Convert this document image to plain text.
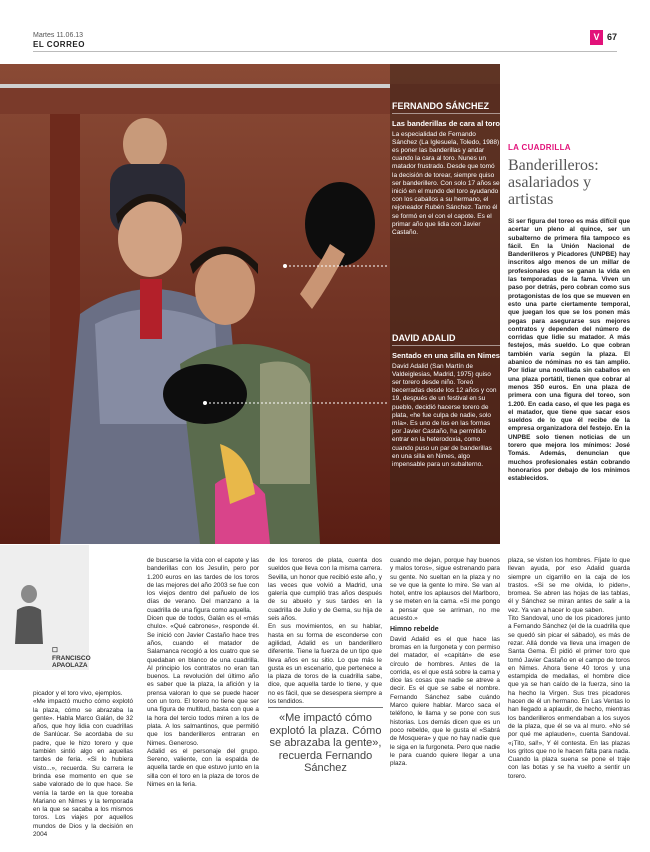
Martes 11.06.13
EL CORREO
V 67
FERNANDO SÁNCHEZ
Las banderillas de cara al toro
La especialidad de Fernando Sánchez (La Iglesuela, Toledo, 1988) es poner las banderillas y andar cuando la cara al toro. Nunes un matador frustrado. Desde que tomó la decisión de torear, siempre quiso ser banderillero. Con solo 17 años se inició en el mundo del toro ayudando con los caballos a su hermano, el rejoneador Rubén Sánchez. Tamo él se formó en el con el capote. Es el primar año que lidia con Javier Castaño.
DAVID ADALID
Sentado en una silla en Nimes
David Adalid (San Martín de Valdeiglesias, Madrid, 1975) quiso ser torero desde niño. Toreó becerradas desde los 12 años y con 19, después de un festival en su pueblo, decidió hacerse torero de plata, «he fue culpa de nadie, solo mía». Es uno de los en las formas por Javier Castaño, ha permitido entrar en la heterodoxia, como cuando puso un par de banderillas en una silla en Nimes, algo impensable para un subalterno.
LA CUADRILLA
Banderilleros: asalariados y artistas
Si ser figura del toreo es más difícil que acertar un pleno al quince, ser un subalterno de primera fila tampoco es fácil. En la Unión Nacional de Banderilleros y Picadores (UNPBE) hay inscritos algo menos de un millar de profesionales que se ganan la vida en las temporadas de la fama. Viven un paso por detrás, pero cobran como sus protagonistas de los que se mueven en esto una parte ciertamente temporal, que juegan los que se los ponen más pegas para asegurarse sus mejores contratos y dependen del número de corridas que lidie su matador. A más festejos, más sueldo. Lo que cobran también varía según la plaza. El abanico de nóminas no es tan amplio. Por lidiar una novillada sin caballos en una plaza portátil, tienen que cobrar al menos 350 euros. En una plaza de primera con una figura del toreo, son 1.200. En cada caso, el que les paga es el matador, que tiene que sacar esos sueldos de lo que él recibe de la empresa organizadora del festejo. En la UNPBE solo tienen noticias de un torero que mejora los mínimos: José Tomás. Además, denuncian que muchos profesionales están cobrando honorarios por debajo de los mínimos establecidos.
☐ FRANCISCO
APAOLAZA

picador y el toro vivo, ejemplos.

«Me impactó mucho cómo explotó la plaza, cómo se abrazaba la gente». Habla Marco Galán, de 32 años, que hoy lidia con cuadrillas de Sanlúcar. Se acordaba de su padre, que le hizo torero y que también sintió algo en aquellas tardes de feria. «Si lo hubiera visto...», recuerda. Su carrera le brinda ese momento en que se sabe valorado de lo que hace. Se venía la tarde en la que toreaba Mariano en Nimes y la temporada en la que se sacaba a los mismos toros. Los viajes por aquellos mundos de Dios y la decisión en 2004

de buscarse la vida con el capote y las banderillas con los Jesulín, pero por 1.200 euros en las tardes de los toros de las mejores del año 2003 se fue con los viejos dentro del pañuelo de los días de verano. Del manzano a la cuadrilla de una figura como aquella.

Dicen que de todos, Galán es el «más chulo». «Qué cabrones», responde él. Se inició con Javier Castaño hace tres años, cuando el matador de Salamanca recogió a los cuatro que se quedaban en blanco de una cuadrilla. Al principio los contratos no eran tan buenos. La revolución del último año es saber que la plaza, la afición y la prensa valoran lo que se puede hacer con un toro. El torero no tiene que ser una figura de multitud, basta con que a la hora del tercio todos miren a los de plata. A los salmantinos, que permitió que los banderilleros entraran en Nimes. Generoso.

Adalid es el personaje del grupo. Sereno, valiente, con la espalda de aquella tarde en que estuvo junto en la silla con el toro en la plaza de toros de Nimes en la feria.

de los toreros de plata, cuenta dos sueldos que lleva con la misma carrera. Sevilla, un honor que recibió este año, y las veces que volvió a Madrid, una galería que cumplió tras años después de su abuelo y sus tardes en la cuadrilla de Julio y de Gema, su hija de seis años.

En sus movimientos, en su hablar, hasta en su forma de esconderse con agilidad, Adalid es un banderillero diferente. Tiene la fuerza de un tipo que lleva años en su sitio. Lo que más le gusta es un escenario, que pertenece a la plaza de toros de la cuadrilla sabe, dice, que aquella tarde lo tiene, y que no es fácil, que se desespera siempre a los tendidos.

«Me impactó cómo explotó la plaza. Cómo se abrazaba la gente», recuerda Fernando Sánchez

cuando me dejan, porque hay buenos y malos toros», sigue estrenando para su gente. No sueltan en la plaza y no se ve que la gente lo mire. Se van al hotel, entre los aplausos del Marlboro, y se meten en la cama. «Si me pongo a pensar que se arriman, no me acuesto.»

Himno rebelde

David Adalid es el que hace las bromas en la furgoneta y con permiso del matador, el «capitán» de ese círculo de hombres. Antes de la corrida, es el que está sobre la cama y dice las cosas que nadie se atreve a decir. Es el que se sabe el nombre. Fernando Sánchez sabe cuándo Marco quiere hablar. Marco saca el teléfono, le llama y se pone con sus historias. Los demás dicen que es un poco rebelde, que le gusta el «Sabrá de Mosquera» y que no hay nadie que le siga en la furgoneta. Pero que nadie le para cuando quiere llegar a una plaza.

plaza, se visten los hombres. Fíjate lo que llevan ayuda, por eso Adalid guarda siempre un cigarrillo en la caja de los trastos. «Si se me olvida, lo piden», bromea. Se abren las hojas de las tablas, él y Sánchez se miran antes de salir a la vez. Ya van a hacer lo que saben.

Tito Sandoval, uno de los picadores junto a Fernando Sánchez (el de la cuadrilla que se quedó sin picar el sábado), es más de rezar. Allá donde va lleva una imagen de Santa Gema. Él pidió el primer toro que tomó Javier Castaño en el campo de toros en Nimes. Ahora tiene 40 toros y una estampida de medallas, el hombre dice que ya se han caído de la fuerza, sino la ha hecho la Virgen. Sus tres picadores hacen de él un hermano. En Las Ventas lo han llegado a aplaudir, de hecho, mientras los banderilleros enmendaban a los suyos de la plaza, que él se va al muro. «No sé por qué me aplauden», cuenta Sandoval. «¡Tito, sal!», Y él contesta. En las plazas los gritos que no le hacen falta para nada. Cuando la plaza suena se pone el traje con las botas y se ha vuelto a sentir un torero.
